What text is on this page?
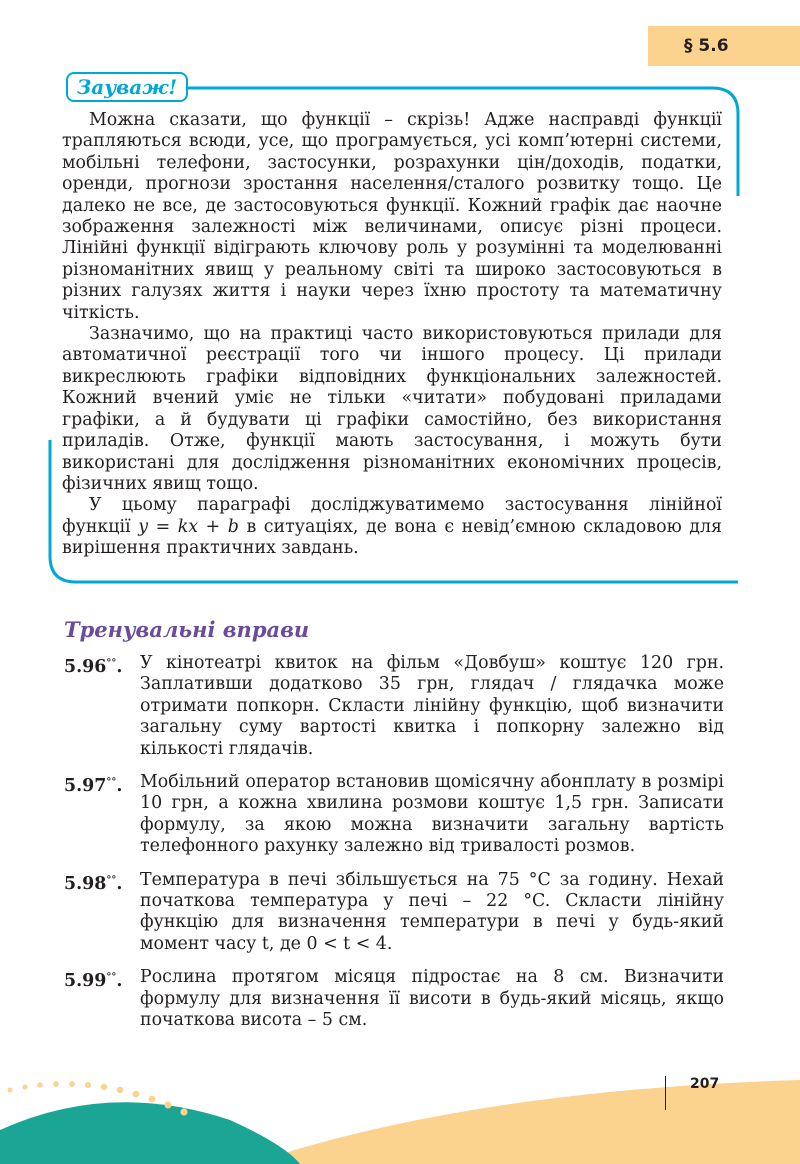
§ 5.6
Зауваж!

Можна сказати, що функції – скрізь! Адже насправді функції трапляються всюди, усе, що програмується, усі комп’ютерні системи, мобільні телефони, застосунки, розрахунки цін/доходів, податки, оренди, прогнози зростання населення/сталого розвитку тощо. Це далеко не все, де застосовуються функції. Кожний графік дає наочне зображення залежності між величинами, описує різні процеси. Лінійні функції відіграють ключову роль у розумінні та моделюванні різноманітних явищ у реальному світі та широко застосовуються в різних галузях життя і науки через їхню простоту та математичну чіткість.

Зазначимо, що на практиці часто використовуються прилади для автоматичної реєстрації того чи іншого процесу. Ці прилади викреслюють графіки відповідних функціональних залежностей. Кожний вчений уміє не тільки «читати» побудовані приладами графіки, а й будувати ці графіки самостійно, без використання приладів. Отже, функції мають застосування, і можуть бути використані для дослідження різноманітних економічних процесів, фізичних явищ тощо.

У цьому параграфі досліджуватимемо застосування лінійної функції y = kx + b в ситуаціях, де вона є невід’ємною складовою для вирішення практичних завдань.

Тренувальні вправи
5.96°°. У кінотеатрі квиток на фільм «Довбуш» коштує 120 грн. Заплативши додатково 35 грн, глядач / глядачка може отримати попкорн. Скласти лінійну функцію, щоб визначити загальну суму вартості квитка і попкорну залежно від кількості глядачів.
5.97°°. Мобільний оператор встановив щомісячну абонплату в розмірі 10 грн, а кожна хвилина розмови коштує 1,5 грн. Записати формулу, за якою можна визначити загальну вартість телефонного рахунку залежно від тривалості розмов.
5.98°°. Температура в печі збільшується на 75 °C за годину. Нехай початкова температура у печі – 22 °C. Скласти лінійну функцію для визначення температури в печі у будь-який момент часу t, де 0 < t < 4.
5.99°°. Рослина протягом місяця підростає на 8 см. Визначити формулу для визначення її висоти в будь-який місяць, якщо початкова висота – 5 см.
207
